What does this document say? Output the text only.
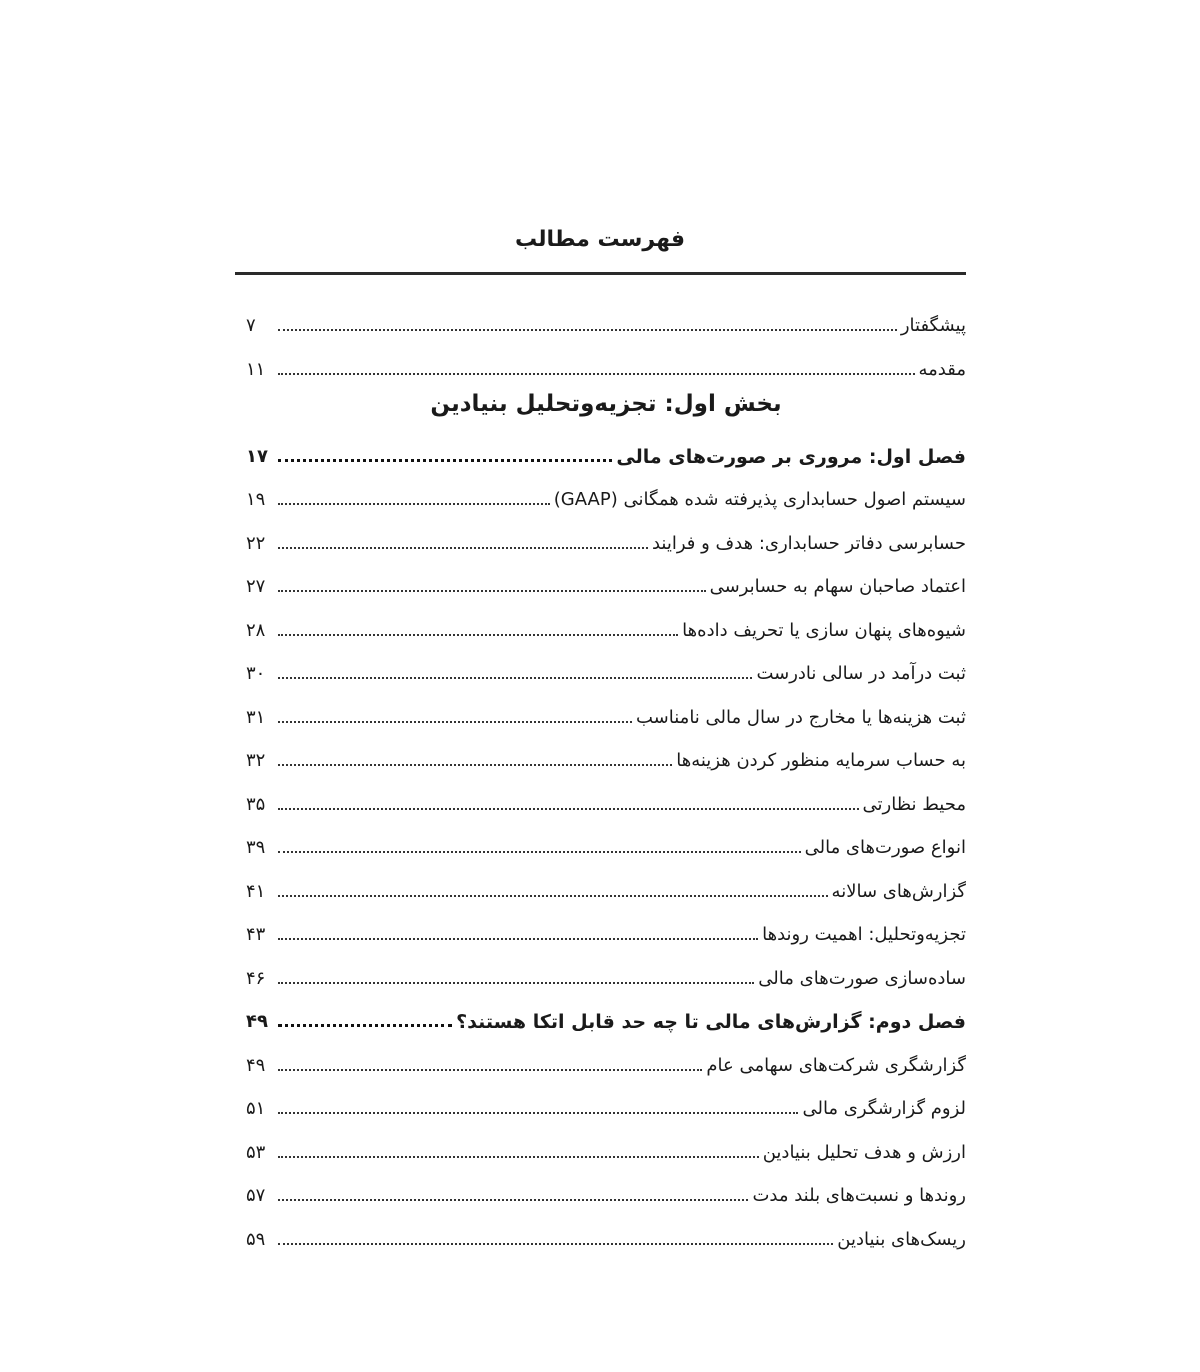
فهرست مطالب
پیشگفتار
۷
مقدمه
۱۱
بخش اول: تجزیه‌وتحلیل بنیادین
فصل اول: مروری بر صورت‌های مالی
۱۷
سیستم اصول حسابداری پذیرفته شده همگانی (GAAP)
۱۹
حسابرسی دفاتر حسابداری: هدف و فرایند
۲۲
اعتماد صاحبان سهام به حسابرسی
۲۷
شیوه‌های پنهان سازی یا تحریف داده‌ها
۲۸
ثبت درآمد در سالی نادرست
۳۰
ثبت هزینه‌ها یا مخارج در سال مالی نامناسب
۳۱
به حساب سرمایه منظور کردن هزینه‌ها
۳۲
محیط نظارتی
۳۵
انواع صورت‌های مالی
۳۹
گزارش‌های سالانه
۴۱
تجزیه‌وتحلیل: اهمیت روندها
۴۳
ساده‌سازی صورت‌های مالی
۴۶
فصل دوم: گزارش‌های مالی تا چه حد قابل اتکا هستند؟
۴۹
گزارشگری شرکت‌های سهامی عام
۴۹
لزوم گزارشگری مالی
۵۱
ارزش و هدف تحلیل بنیادین
۵۳
روندها و نسبت‌های بلند مدت
۵۷
ریسک‌های بنیادین
۵۹
